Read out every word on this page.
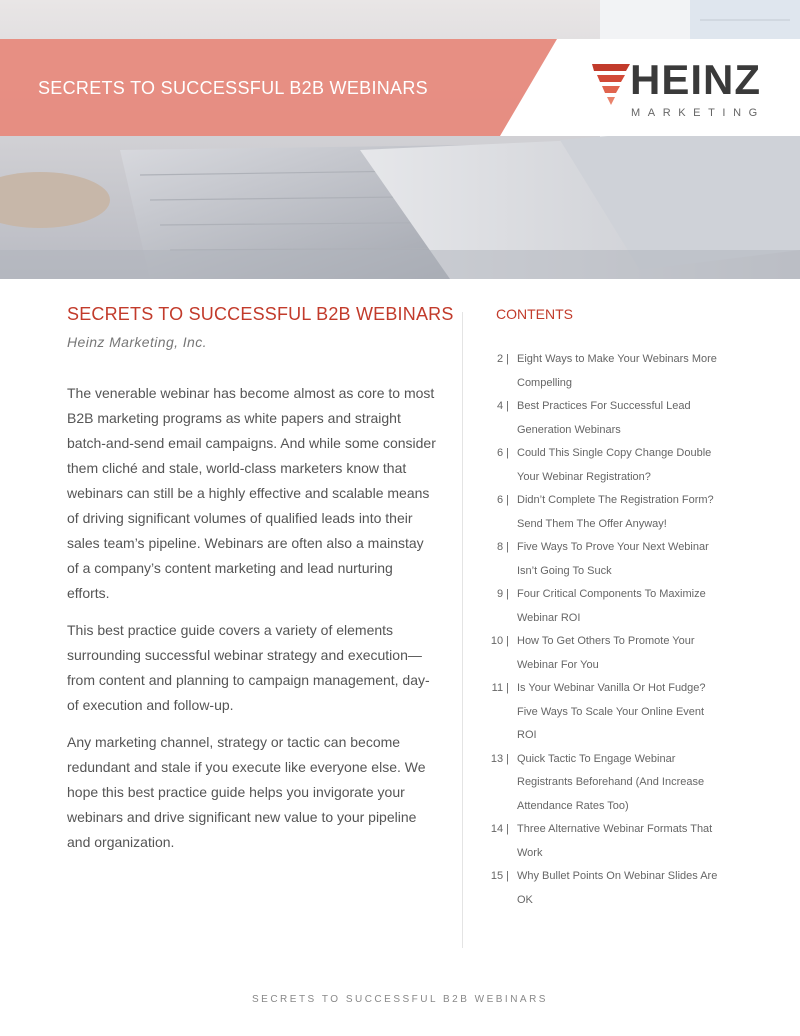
SECRETS TO SUCCESSFUL B2B WEBINARS	HEINZ
MARKETING
SECRETS TO SUCCESSFUL B2B WEBINARS
Heinz Marketing, Inc.

The venerable webinar has become almost as core to most B2B marketing programs as white papers and straight batch-and-send email campaigns. And while some consider them cliché and stale, world-class marketers know that webinars can still be a highly effective and scalable means of driving significant volumes of qualified leads into their sales team’s pipeline. Webinars are often also a mainstay of a company’s content marketing and lead nurturing efforts.

This best practice guide covers a variety of elements surrounding successful webinar strategy and execution—from content and planning to campaign management, day-of execution and follow-up.

Any marketing channel, strategy or tactic can become redundant and stale if you execute like everyone else. We hope this best practice guide helps you invigorate your webinars and drive significant new value to your pipeline and organization.

CONTENTS
2 | Eight Ways to Make Your Webinars More Compelling
4 | Best Practices For Successful Lead Generation Webinars
6 | Could This Single Copy Change Double Your Webinar Registration?
6 | Didn’t Complete The Registration Form? Send Them The Offer Anyway!
8 | Five Ways To Prove Your Next Webinar Isn’t Going To Suck
9 | Four Critical Components To Maximize Webinar ROI
10 | How To Get Others To Promote Your Webinar For You
11 | Is Your Webinar Vanilla Or Hot Fudge? Five Ways To Scale Your Online Event ROI
13 | Quick Tactic To Engage Webinar Registrants Beforehand (And Increase Attendance Rates Too)
14 | Three Alternative Webinar Formats That Work
15 | Why Bullet Points On Webinar Slides Are OK
SECRETS TO SUCCESSFUL B2B WEBINARS
